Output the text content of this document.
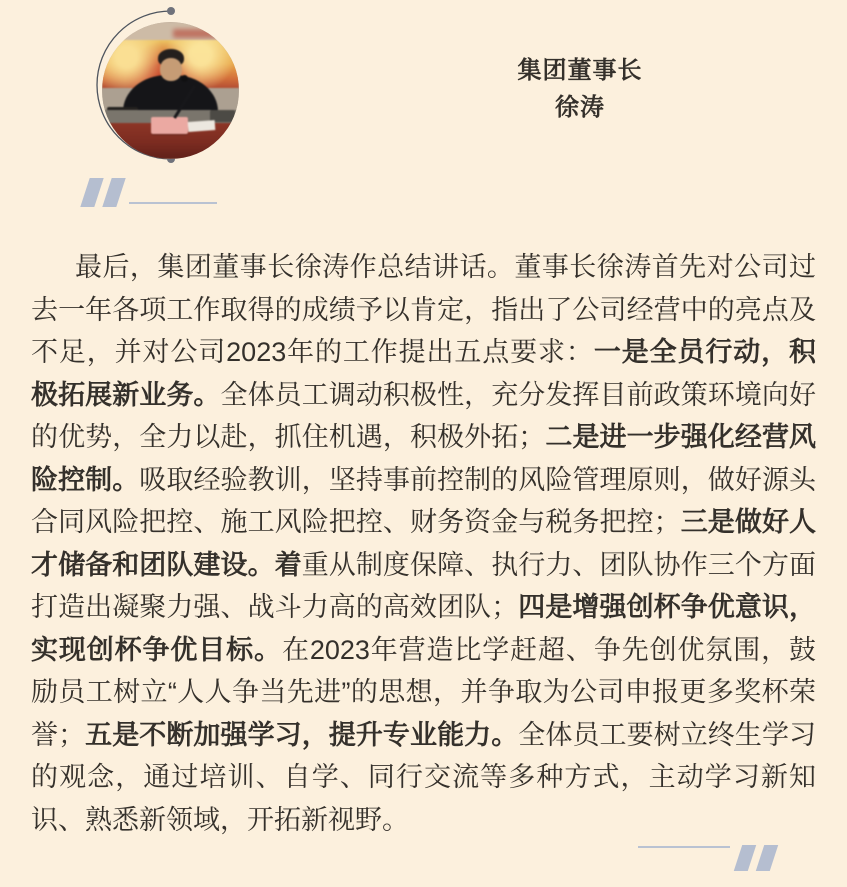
集团董事长
徐涛

最后，集团董事长徐涛作总结讲话。董事长徐涛首先对公司过去一年各项工作取得的成绩予以肯定，指出了公司经营中的亮点及不足，并对公司2023年的工作提出五点要求：一是全员行动，积极拓展新业务。全体员工调动积极性，充分发挥目前政策环境向好的优势，全力以赴，抓住机遇，积极外拓；二是进一步强化经营风险控制。吸取经验教训，坚持事前控制的风险管理原则，做好源头合同风险把控、施工风险把控、财务资金与税务把控；三是做好人才储备和团队建设。着重从制度保障、执行力、团队协作三个方面打造出凝聚力强、战斗力高的高效团队；四是增强创杯争优意识，实现创杯争优目标。在2023年营造比学赶超、争先创优氛围，鼓励员工树立“人人争当先进”的思想，并争取为公司申报更多奖杯荣誉；五是不断加强学习，提升专业能力。全体员工要树立终生学习的观念，通过培训、自学、同行交流等多种方式，主动学习新知识、熟悉新领域，开拓新视野。
